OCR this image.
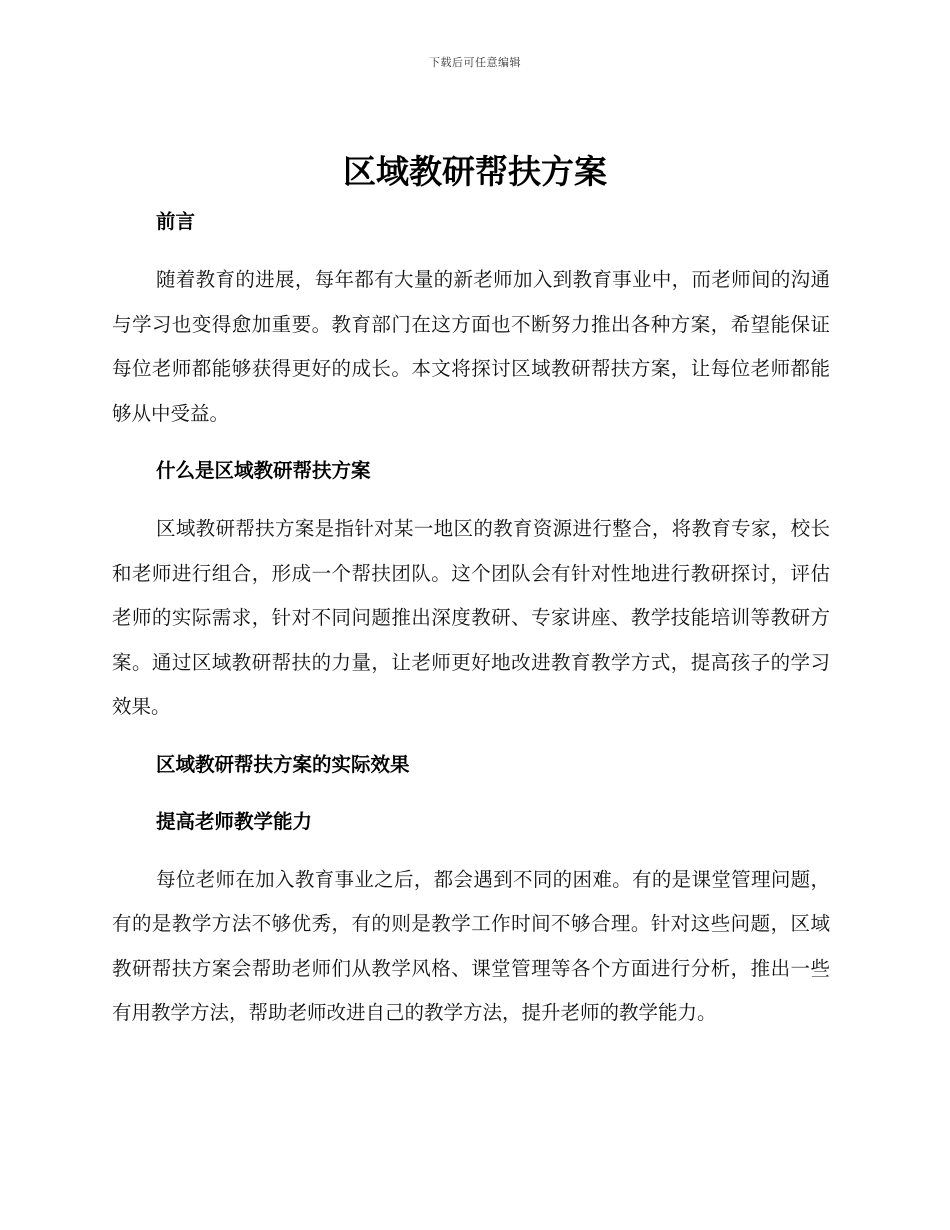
下载后可任意编辑
区域教研帮扶方案

前言

随着教育的进展，每年都有大量的新老师加入到教育事业中，而老师间的沟通与学习也变得愈加重要。教育部门在这方面也不断努力推出各种方案，希望能保证每位老师都能够获得更好的成长。本文将探讨区域教研帮扶方案，让每位老师都能够从中受益。

什么是区域教研帮扶方案

区域教研帮扶方案是指针对某一地区的教育资源进行整合，将教育专家，校长和老师进行组合，形成一个帮扶团队。这个团队会有针对性地进行教研探讨，评估老师的实际需求，针对不同问题推出深度教研、专家讲座、教学技能培训等教研方案。通过区域教研帮扶的力量，让老师更好地改进教育教学方式，提高孩子的学习效果。

区域教研帮扶方案的实际效果

提高老师教学能力

每位老师在加入教育事业之后，都会遇到不同的困难。有的是课堂管理问题，有的是教学方法不够优秀，有的则是教学工作时间不够合理。针对这些问题，区域教研帮扶方案会帮助老师们从教学风格、课堂管理等各个方面进行分析，推出一些有用教学方法，帮助老师改进自己的教学方法，提升老师的教学能力。
